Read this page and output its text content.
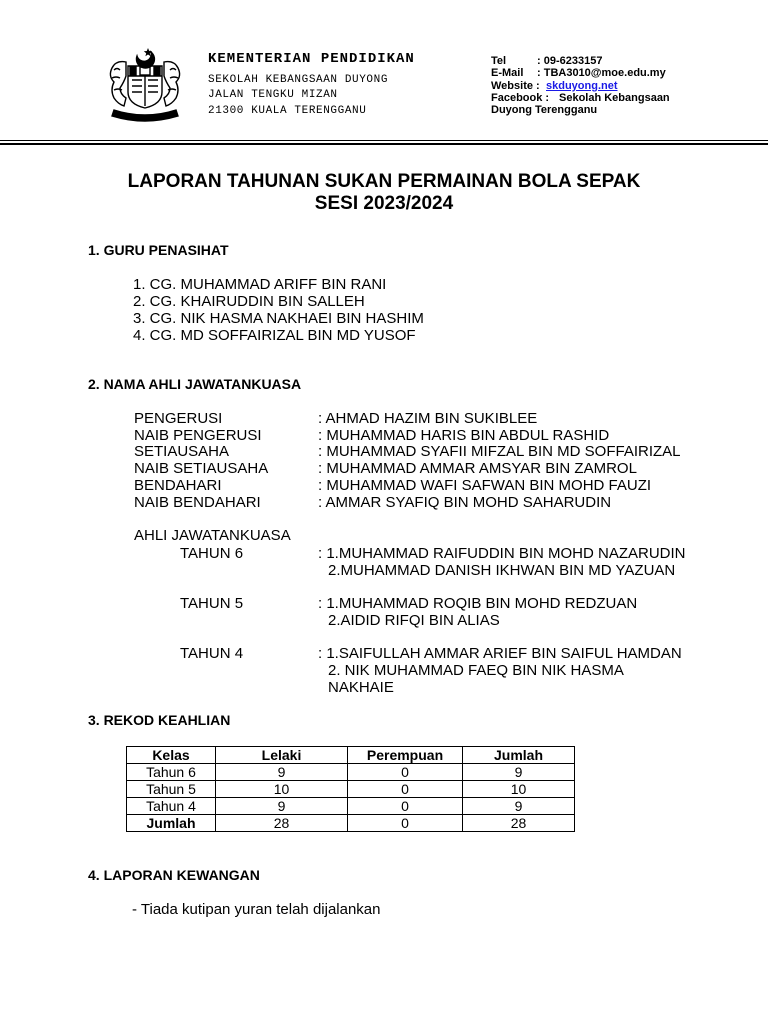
KEMENTERIAN PENDIDIKAN
SEKOLAH KEBANGSAAN DUYONG
JALAN TENGKU MIZAN
21300 KUALA TERENGGANU
Tel	: 09-6233157
E-Mail : TBA3010@moe.edu.my
Website : skduyong.net
Facebook : Sekolah Kebangsaan
Duyong Terengganu
LAPORAN TAHUNAN SUKAN PERMAINAN BOLA SEPAK
SESI 2023/2024
1. GURU PENASIHAT
1. CG. MUHAMMAD ARIFF BIN RANI
2. CG. KHAIRUDDIN BIN SALLEH
3. CG. NIK HASMA NAKHAEI BIN HASHIM
4. CG. MD SOFFAIRIZAL BIN MD YUSOF
2. NAMA AHLI JAWATANKUASA
PENGERUSI	: AHMAD HAZIM BIN SUKIBLEE
NAIB PENGERUSI	: MUHAMMAD HARIS BIN ABDUL RASHID
SETIAUSAHA	: MUHAMMAD SYAFII MIFZAL BIN MD SOFFAIRIZAL
NAIB SETIAUSAHA	: MUHAMMAD AMMAR AMSYAR BIN ZAMROL
BENDAHARI	: MUHAMMAD WAFI SAFWAN BIN MOHD FAUZI
NAIB BENDAHARI	: AMMAR SYAFIQ BIN MOHD SAHARUDIN
AHLI JAWATANKUASA
TAHUN 6	: 1.MUHAMMAD RAIFUDDIN BIN MOHD NAZARUDIN
2.MUHAMMAD DANISH IKHWAN BIN MD YAZUAN
TAHUN 5	: 1.MUHAMMAD ROQIB BIN MOHD REDZUAN
2.AIDID RIFQI BIN ALIAS
TAHUN 4	: 1.SAIFULLAH AMMAR ARIEF BIN SAIFUL HAMDAN
2. NIK MUHAMMAD FAEQ BIN NIK HASMA
NAKHAIE
3. REKOD KEAHLIAN
Kelas	Lelaki	Perempuan	Jumlah
Tahun 6	9	0	9
Tahun 5	10	0	10
Tahun 4	9	0	9
Jumlah	28	0	28
4. LAPORAN KEWANGAN
- Tiada kutipan yuran telah dijalankan
